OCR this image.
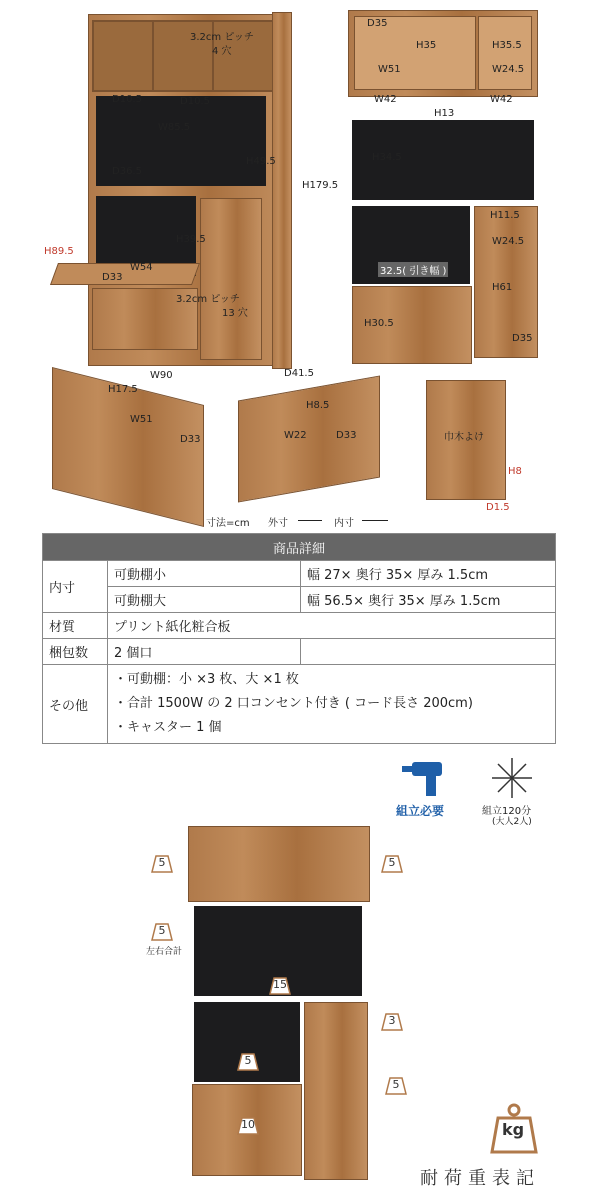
3.2cm ピッチ
4 穴
D10.5	D10.5
W85.5
H49.5
D36.5
H39.5
H89.5
W54
D33
3.2cm ピッチ
13 穴
W90	D41.5
H179.5
D35
H35	H35.5
W51	W24.5
W42	W42
H13
H34.5
H11.5
W24.5
32.5( 引き幅 )
H61
H30.5
D35
H17.5
W51
D33
H8.5
W22	D33	巾木よけ
H8
D1.5
寸法=cm 外寸	内寸
商品詳細		
内寸	可動棚小	幅 27× 奥行 35× 厚み 1.5cm
	可動棚大	幅 56.5× 奥行 35× 厚み 1.5cm
材質	プリント紙化粧合板	
梱包数	2 個口	
その他	・可動棚：小 ×3 枚、大 ×1 枚
・合計 1500W の 2 口コンセント付き ( コード長さ 200cm)
・キャスター 1 個	
組立必要	組立120分
(大人2人)
5	5
5
15
3
5
5
10
左右合計
kg
耐荷重表記
